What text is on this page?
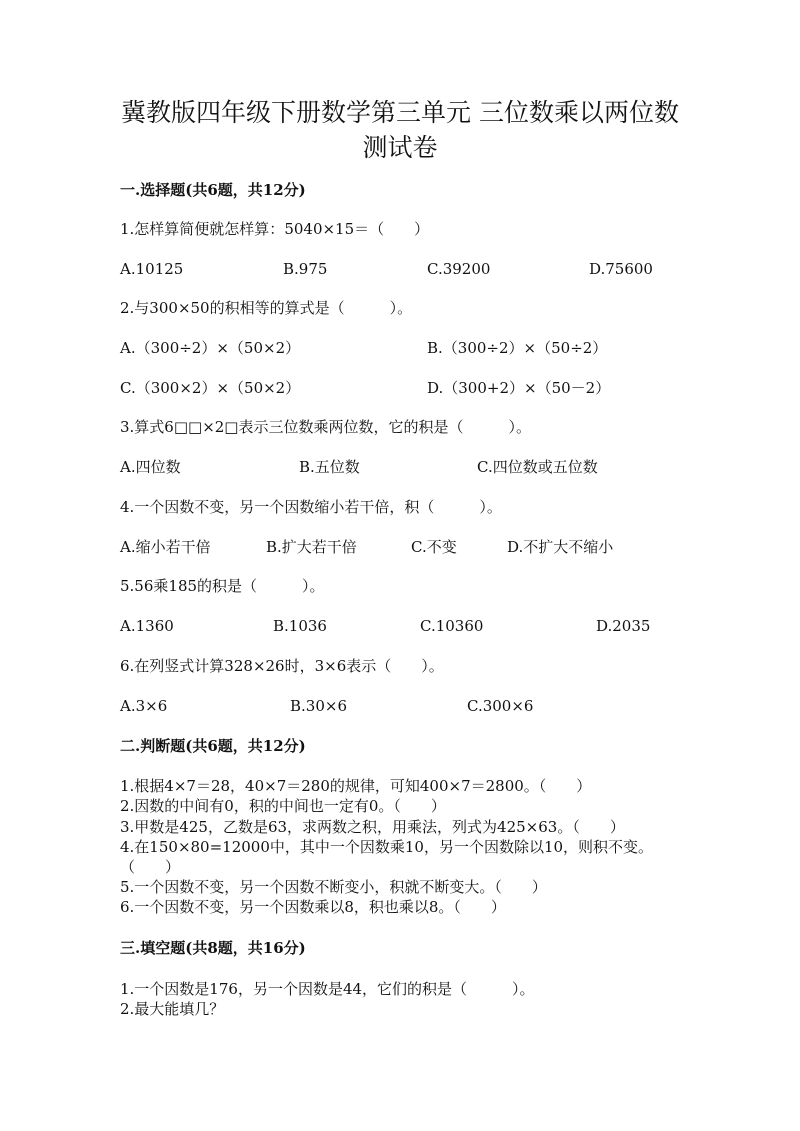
冀教版四年级下册数学第三单元 三位数乘以两位数
测试卷
一.选择题(共6题，共12分)
1.怎样算简便就怎样算：5040×15＝（　　）
A.10125	B.975	C.39200	D.75600
2.与300×50的积相等的算式是（　　　）。
A.（300÷2）×（50×2）	B.（300÷2）×（50÷2）
C.（300×2）×（50×2）	D.（300+2）×（50－2）
3.算式6□□×2□表示三位数乘两位数，它的积是（　　　）。
A.四位数	B.五位数	C.四位数或五位数
4.一个因数不变，另一个因数缩小若干倍，积（　　　）。
A.缩小若干倍	B.扩大若干倍	C.不变	D.不扩大不缩小
5.56乘185的积是（　　　）。
A.1360	B.1036	C.10360	D.2035
6.在列竖式计算328×26时，3×6表示（　　）。
A.3×6	B.30×6	C.300×6
二.判断题(共6题，共12分)
1.根据4×7＝28，40×7＝280的规律，可知400×7＝2800。（　　）
2.因数的中间有0，积的中间也一定有0。（　　）
3.甲数是425，乙数是63，求两数之积，用乘法，列式为425×63。（　　）
4.在150×80=12000中，其中一个因数乘10，另一个因数除以10，则积不变。
（　　）
5.一个因数不变，另一个因数不断变小，积就不断变大。（　　）
6.一个因数不变，另一个因数乘以8，积也乘以8。（　　）
三.填空题(共8题，共16分)
1.一个因数是176，另一个因数是44，它们的积是（　　　）。
2.最大能填几？
